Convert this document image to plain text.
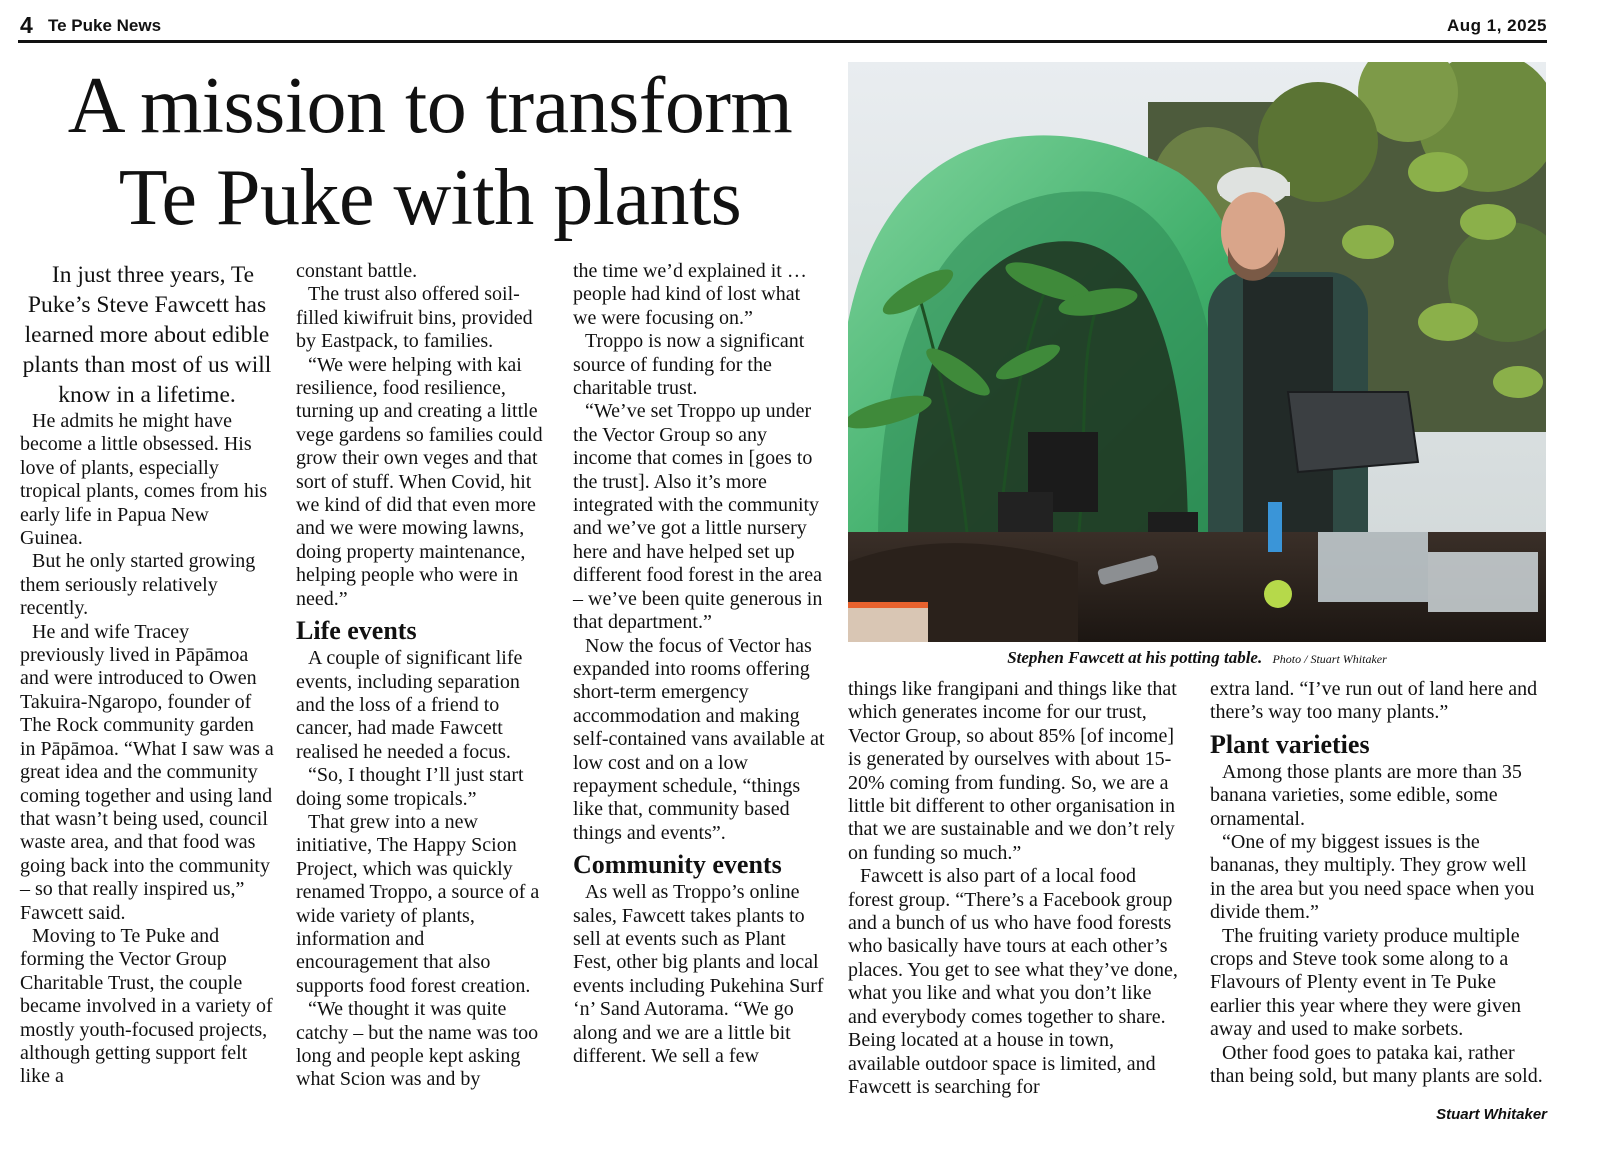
4 Te Puke News	Aug 1, 2025
A mission to transform
Te Puke with plants
Stephen Fawcett at his potting table. Photo / Stuart Whitaker

In just three years, Te Puke’s Steve Fawcett has learned more about edible plants than most of us will know in a lifetime.

He admits he might have become a little obsessed. His love of plants, especially tropical plants, comes from his early life in Papua New Guinea.

But he only started growing them seriously relatively recently.

He and wife Tracey previously lived in Pāpāmoa and were introduced to Owen Takuira-Ngaropo, founder of The Rock community garden in Pāpāmoa. “What I saw was a great idea and the community coming together and using land that wasn’t being used, council waste area, and that food was going back into the community – so that really inspired us,” Fawcett said.

Moving to Te Puke and forming the Vector Group Charitable Trust, the couple became involved in a variety of mostly youth-focused projects, although getting support felt like a

constant battle.

The trust also offered soil-filled kiwifruit bins, provided by Eastpack, to families.

“We were helping with kai resilience, food resilience, turning up and creating a little vege gardens so families could grow their own veges and that sort of stuff. When Covid, hit we kind of did that even more and we were mowing lawns, doing property maintenance, helping people who were in need.”

Life events

A couple of significant life events, including separation and the loss of a friend to cancer, had made Fawcett realised he needed a focus.

“So, I thought I’ll just start doing some tropicals.”

That grew into a new initiative, The Happy Scion Project, which was quickly renamed Troppo, a source of a wide variety of plants, information and encouragement that also supports food forest creation.

“We thought it was quite catchy – but the name was too long and people kept asking what Scion was and by

the time we’d explained it … people had kind of lost what we were focusing on.”

Troppo is now a significant source of funding for the charitable trust.

“We’ve set Troppo up under the Vector Group so any income that comes in [goes to the trust]. Also it’s more integrated with the community and we’ve got a little nursery here and have helped set up different food forest in the area – we’ve been quite generous in that department.”

Now the focus of Vector has expanded into rooms offering short-term emergency accommodation and making self-contained vans available at low cost and on a low repayment schedule, “things like that, community based things and events”.

Community events

As well as Troppo’s online sales, Fawcett takes plants to sell at events such as Plant Fest, other big plants and local events including Pukehina Surf ‘n’ Sand Autorama. “We go along and we are a little bit different. We sell a few

things like frangipani and things like that which generates income for our trust, Vector Group, so about 85% [of income] is generated by ourselves with about 15-20% coming from funding. So, we are a little bit different to other organisation in that we are sustainable and we don’t rely on funding so much.”

Fawcett is also part of a local food forest group. “There’s a Facebook group and a bunch of us who have food forests who basically have tours at each other’s places. You get to see what they’ve done, what you like and what you don’t like and everybody comes together to share. Being located at a house in town, available outdoor space is limited, and Fawcett is searching for

extra land. “I’ve run out of land here and there’s way too many plants.”

Plant varieties

Among those plants are more than 35 banana varieties, some edible, some ornamental.

“One of my biggest issues is the bananas, they multiply. They grow well in the area but you need space when you divide them.”

The fruiting variety produce multiple crops and Steve took some along to a Flavours of Plenty event in Te Puke earlier this year where they were given away and used to make sorbets.

Other food goes to pataka kai, rather than being sold, but many plants are sold.

Stuart Whitaker
